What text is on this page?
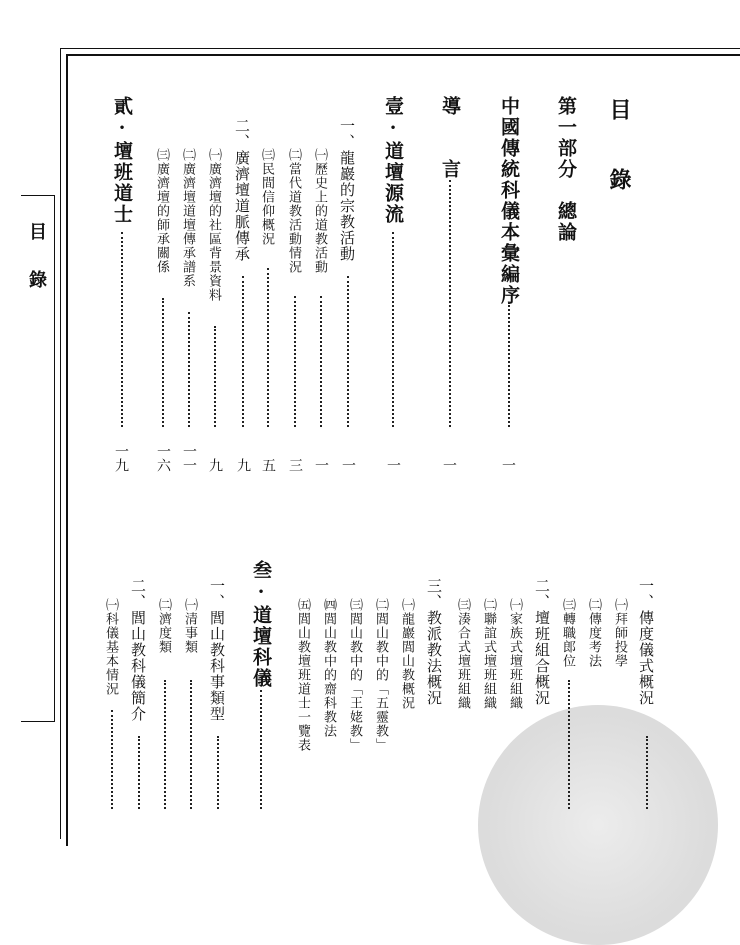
目
錄
目
錄
第一部分　總論
中國傳統科儀本彙編序
一
導　　言
一
壹·道壇源流
一
一、龍巖的宗教活動
一
㈠歷史上的道教活動
一
㈡當代道教活動情況
三
㈢民間信仰概況
五
二、廣濟壇道脈傳承
九
㈠廣濟壇的社區背景資料
九
㈡廣濟壇道壇傳承譜系
一一
㈢廣濟壇的師承關係
一六
貳·壇班道士
一九
一、傳度儀式概況
㈠拜師投學
㈡傳度考法
㈢轉職郎位
二、壇班組合概況
㈠家族式壇班組織
㈡聯誼式壇班組織
㈢湊合式壇班組織
三、教派教法概況
㈠龍巖閭山教概況
㈡閭山教中的「五靈教」
㈢閭山教中的「王姥教」
㈣閭山教中的齋科教法
㈤閭山教壇班道士一覽表
叁·道壇科儀
一、閭山教科事類型
㈠清事類
㈡濟度類
二、閭山教科儀簡介
㈠科儀基本情況
